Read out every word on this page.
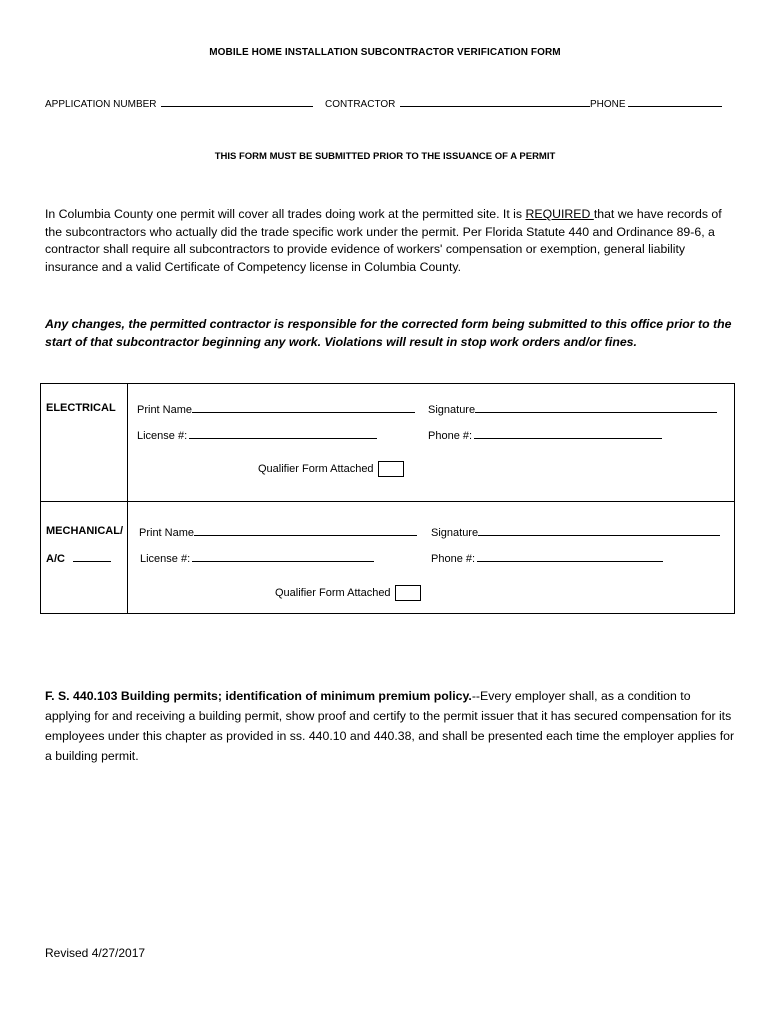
MOBILE HOME INSTALLATION SUBCONTRACTOR VERIFICATION FORM
APPLICATION NUMBER	CONTRACTOR	PHONE
THIS FORM MUST BE SUBMITTED PRIOR TO THE ISSUANCE OF A PERMIT
In Columbia County one permit will cover all trades doing work at the permitted site. It is REQUIRED that we have records of the subcontractors who actually did the trade specific work under the permit. Per Florida Statute 440 and Ordinance 89-6, a contractor shall require all subcontractors to provide evidence of workers' compensation or exemption, general liability insurance and a valid Certificate of Competency license in Columbia County.
Any changes, the permitted contractor is responsible for the corrected form being submitted to this office prior to the start of that subcontractor beginning any work. Violations will result in stop work orders and/or fines.
ELECTRICAL Print Name	Signature
License #:	Phone #:
Qualifier Form Attached
MECHANICAL/
A/C
Print Name	Signature
License #:	Phone #:
Qualifier Form Attached
F. S. 440.103 Building permits; identification of minimum premium policy.--Every employer shall, as a condition to applying for and receiving a building permit, show proof and certify to the permit issuer that it has secured compensation for its employees under this chapter as provided in ss. 440.10 and 440.38, and shall be presented each time the employer applies for a building permit.
Revised 4/27/2017
